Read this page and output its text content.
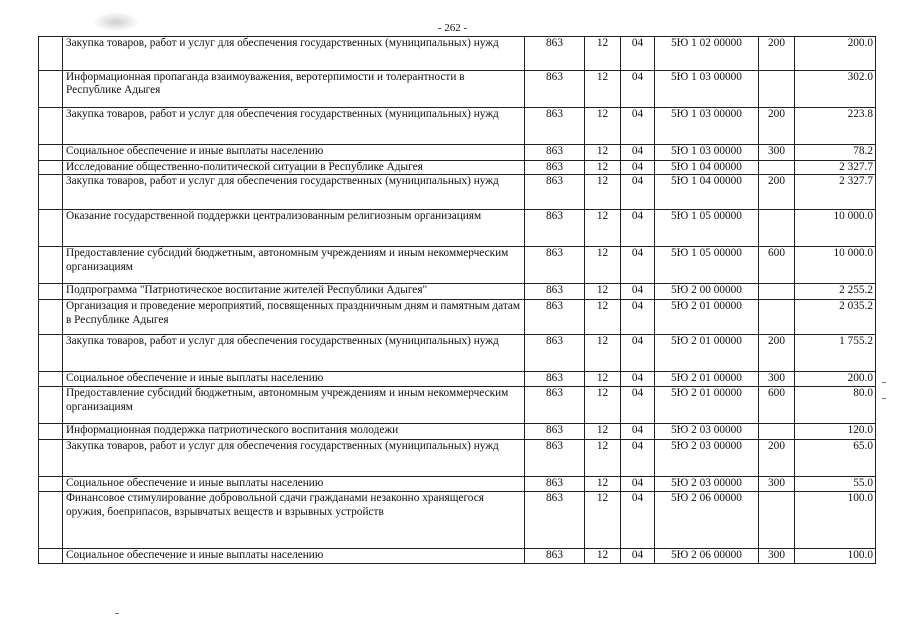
- 262 -
	Закупка товаров, работ и услуг для обеспечения государственных (муниципальных) нужд	863	12	04	5Ю 1 02 00000	200	200.0
	Информационная пропаганда взаимоуважения, веротерпимости и толерантности в Республике Адыгея	863	12	04	5Ю 1 03 00000		302.0
	Закупка товаров, работ и услуг для обеспечения государственных (муниципальных) нужд	863	12	04	5Ю 1 03 00000	200	223.8
	Социальное обеспечение и иные выплаты населению	863	12	04	5Ю 1 03 00000	300	78.2
	Исследование общественно-политической ситуации в Республике Адыгея	863	12	04	5Ю 1 04 00000		2 327.7
	Закупка товаров, работ и услуг для обеспечения государственных (муниципальных) нужд	863	12	04	5Ю 1 04 00000	200	2 327.7
	Оказание государственной поддержки централизованным религиозным организациям	863	12	04	5Ю 1 05 00000		10 000.0
	Предоставление субсидий бюджетным, автономным учреждениям и иным некоммерческим организациям	863	12	04	5Ю 1 05 00000	600	10 000.0
	Подпрограмма "Патриотическое воспитание жителей Республики Адыгея"	863	12	04	5Ю 2 00 00000		2 255.2
	Организация и проведение мероприятий, посвященных праздничным дням и памятным датам в Республике Адыгея	863	12	04	5Ю 2 01 00000		2 035.2
	Закупка товаров, работ и услуг для обеспечения государственных (муниципальных) нужд	863	12	04	5Ю 2 01 00000	200	1 755.2
	Социальное обеспечение и иные выплаты населению	863	12	04	5Ю 2 01 00000	300	200.0
	Предоставление субсидий бюджетным, автономным учреждениям и иным некоммерческим организациям	863	12	04	5Ю 2 01 00000	600	80.0
	Информационная поддержка патриотического воспитания молодежи	863	12	04	5Ю 2 03 00000		120.0
	Закупка товаров, работ и услуг для обеспечения государственных (муниципальных) нужд	863	12	04	5Ю 2 03 00000	200	65.0
	Социальное обеспечение и иные выплаты населению	863	12	04	5Ю 2 03 00000	300	55.0
	Финансовое стимулирование добровольной сдачи гражданами незаконно хранящегося оружия, боеприпасов, взрывчатых веществ и взрывных устройств	863	12	04	5Ю 2 06 00000		100.0
	Социальное обеспечение и иные выплаты населению	863	12	04	5Ю 2 06 00000	300	100.0
